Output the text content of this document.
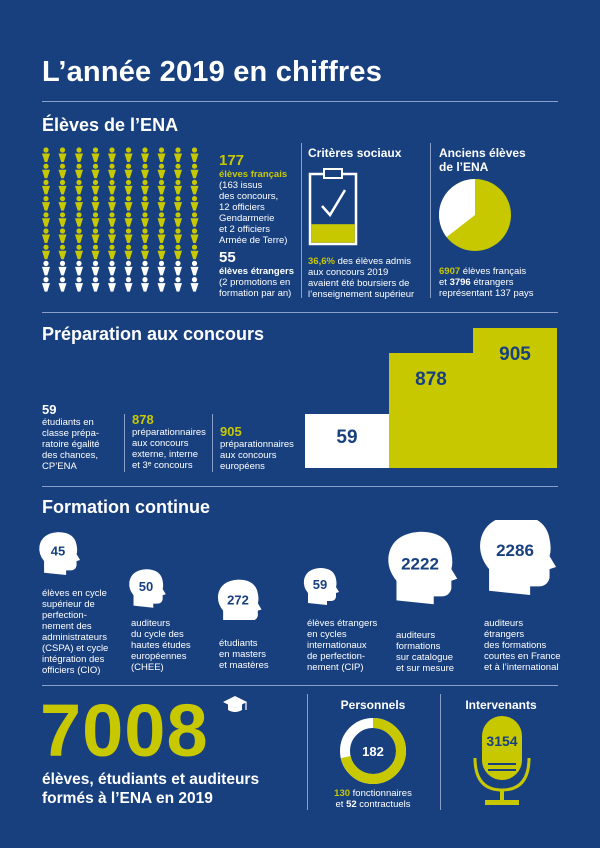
L’année 2019 en chiffres
Élèves de l’ENA
177
élèves français
(163 issus
des concours,
12 officiers
Gendarmerie
et 2 officiers
Armée de Terre)
55
élèves étrangers
(2 promotions en
formation par an)
Critères sociaux
36,6% des élèves admis
aux concours 2019
avaient été boursiers de
l’enseignement supérieur
Anciens élèves
de l’ENA
6907 élèves français
et 3796 étrangers
représentant 137 pays
Préparation aux concours
59
étudiants en
classe prépa-
ratoire égalité
des chances,
CP’ENA
878
préparationnaires
aux concours
externe, interne
et 3ᵉ concours
905
préparationnaires
aux concours
européens
59
878
905
Formation continue
45
50
272
59
2222
2286
élèves en cycle
supérieur de
perfection-
nement des
administrateurs
(CSPA) et cycle
intégration des
officiers (CIO)
auditeurs
du cycle des
hautes études
européennes
(CHEE)
étudiants
en masters
et mastères
élèves étrangers
en cycles
internationaux
de perfection-
nement (CIP)
auditeurs
formations
sur catalogue
et sur mesure
auditeurs
étrangers
des formations
courtes en France
et à l’international
7008
élèves, étudiants et auditeurs
formés à l’ENA en 2019
Personnels
182
130 fonctionnaires
et 52 contractuels
Intervenants
3154
